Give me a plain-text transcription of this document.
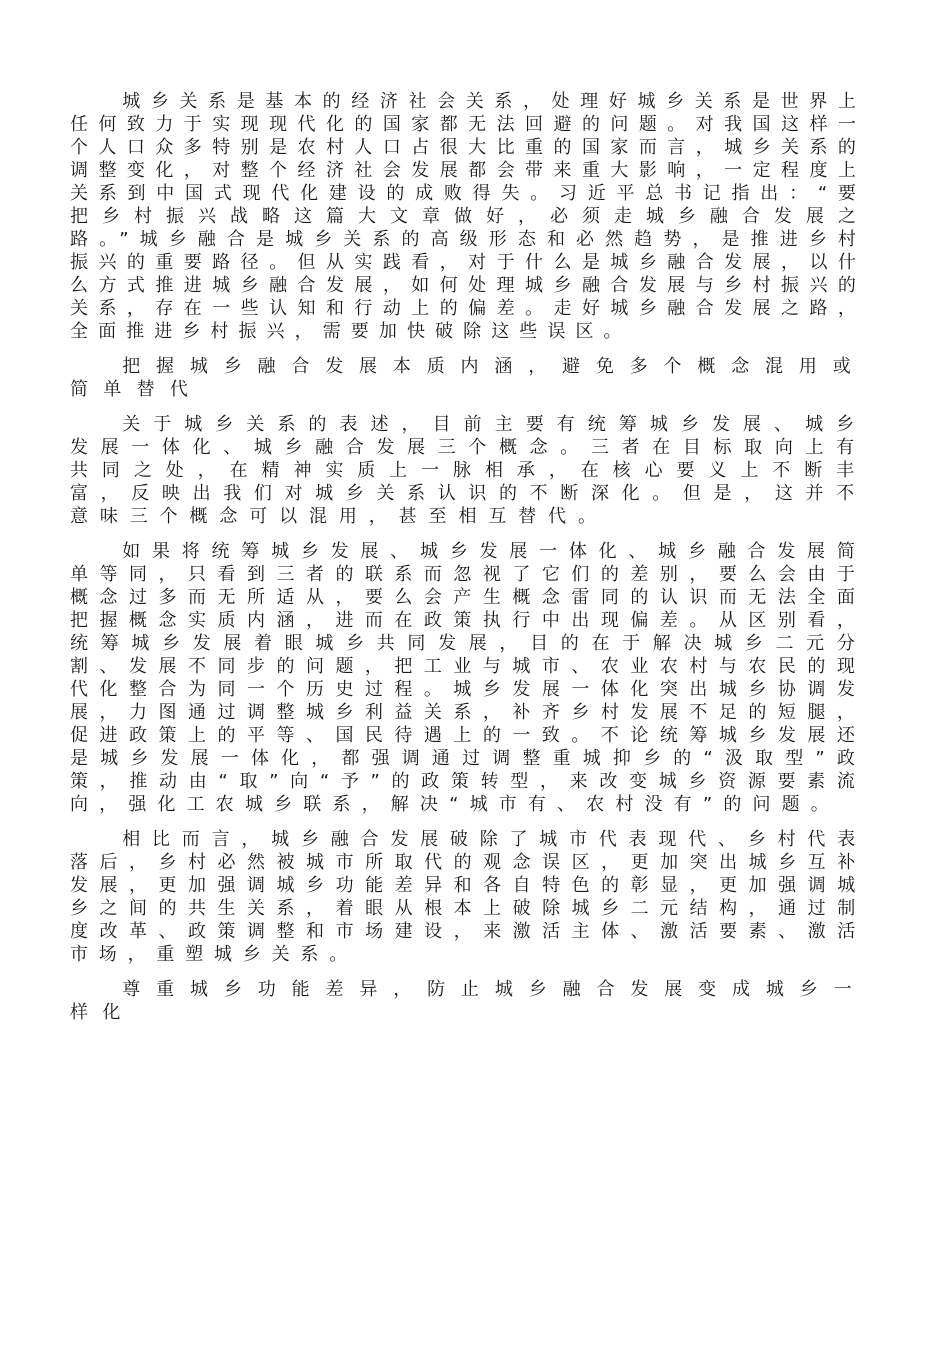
城乡关系是基本的经济社会关系，处理好城乡关系是世界上任何致力于实现现代化的国家都无法回避的问题。对我国这样一个人口众多特别是农村人口占很大比重的国家而言，城乡关系的调整变化，对整个经济社会发展都会带来重大影响，一定程度上关系到中国式现代化建设的成败得失。习近平总书记指出：“要把乡村振兴战略这篇大文章做好，必须走城乡融合发展之路。”城乡融合是城乡关系的高级形态和必然趋势，是推进乡村振兴的重要路径。但从实践看，对于什么是城乡融合发展，以什么方式推进城乡融合发展，如何处理城乡融合发展与乡村振兴的关系，存在一些认知和行动上的偏差。走好城乡融合发展之路，全面推进乡村振兴，需要加快破除这些误区。

把握城乡融合发展本质内涵，避免多个概念混用或简单替代

关于城乡关系的表述，目前主要有统筹城乡发展、城乡发展一体化、城乡融合发展三个概念。三者在目标取向上有共同之处，在精神实质上一脉相承，在核心要义上不断丰富，反映出我们对城乡关系认识的不断深化。但是，这并不意味三个概念可以混用，甚至相互替代。

如果将统筹城乡发展、城乡发展一体化、城乡融合发展简单等同，只看到三者的联系而忽视了它们的差别，要么会由于概念过多而无所适从，要么会产生概念雷同的认识而无法全面把握概念实质内涵，进而在政策执行中出现偏差。从区别看，统筹城乡发展着眼城乡共同发展，目的在于解决城乡二元分割、发展不同步的问题，把工业与城市、农业农村与农民的现代化整合为同一个历史过程。城乡发展一体化突出城乡协调发展，力图通过调整城乡利益关系，补齐乡村发展不足的短腿，促进政策上的平等、国民待遇上的一致。不论统筹城乡发展还是城乡发展一体化，都强调通过调整重城抑乡的“汲取型”政策，推动由“取”向“予”的政策转型，来改变城乡资源要素流向，强化工农城乡联系，解决“城市有、农村没有”的问题。

相比而言，城乡融合发展破除了城市代表现代、乡村代表落后，乡村必然被城市所取代的观念误区，更加突出城乡互补发展，更加强调城乡功能差异和各自特色的彰显，更加强调城乡之间的共生关系，着眼从根本上破除城乡二元结构，通过制度改革、政策调整和市场建设，来激活主体、激活要素、激活市场，重塑城乡关系。

尊重城乡功能差异，防止城乡融合发展变成城乡一样化
